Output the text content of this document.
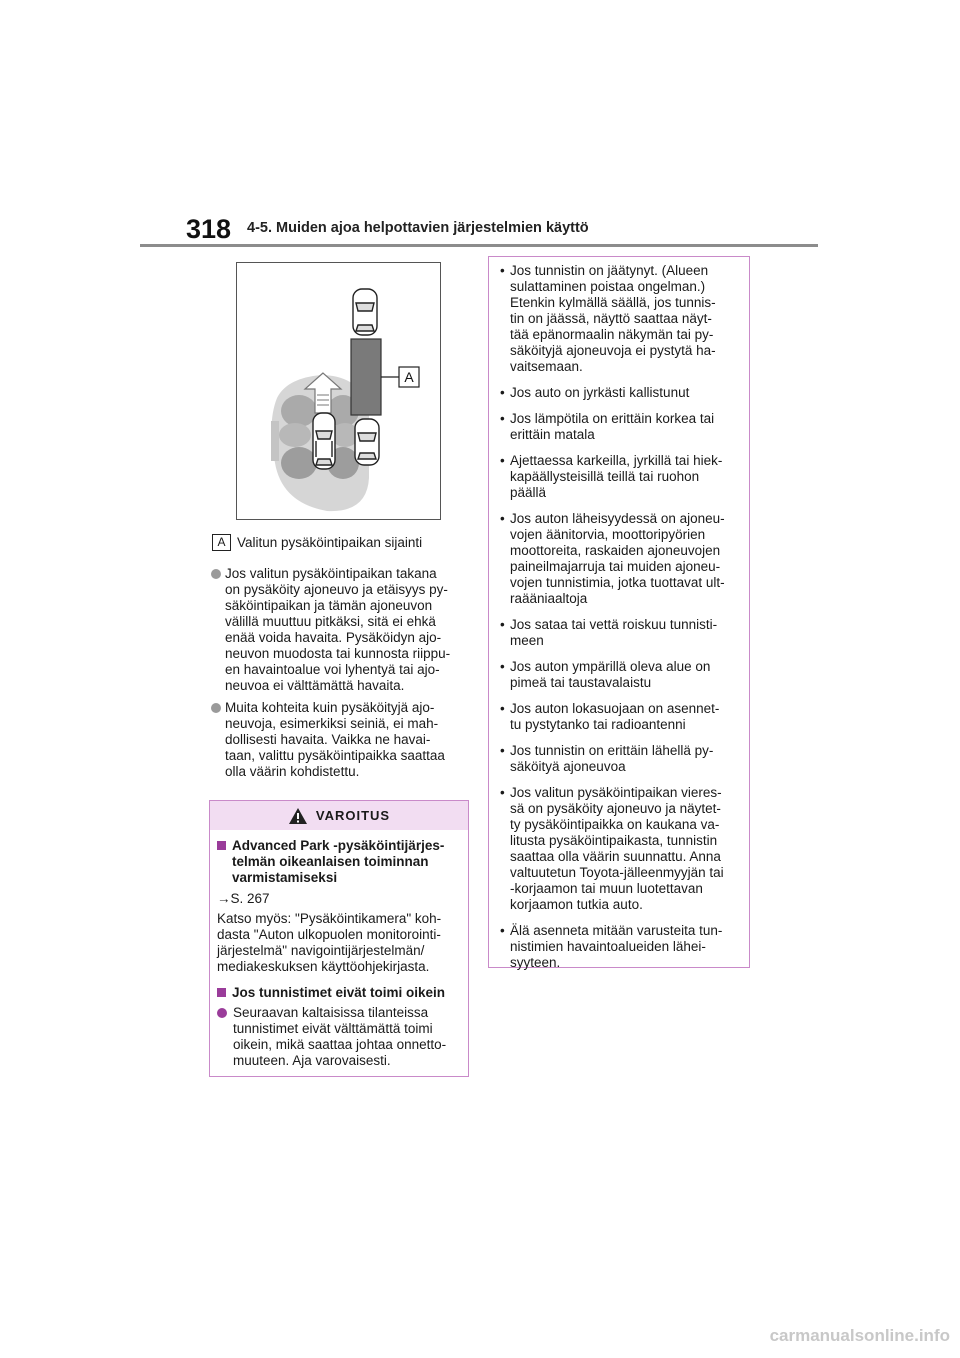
318 4-5. Muiden ajoa helpottavien järjestelmien käyttö
A
A Valitun pysäköintipaikan sijainti
Jos valitun pysäköintipaikan takana
on pysäköity ajoneuvo ja etäisyys py-
säköintipaikan ja tämän ajoneuvon
välillä muuttuu pitkäksi, sitä ei ehkä
enää voida havaita. Pysäköidyn ajo-
neuvon muodosta tai kunnosta riippu-
en havaintoalue voi lyhentyä tai ajo-
neuvoa ei välttämättä havaita.
Muita kohteita kuin pysäköityjä ajo-
neuvoja, esimerkiksi seiniä, ei mah-
dollisesti havaita. Vaikka ne havai-
taan, valittu pysäköintipaikka saattaa
olla väärin kohdistettu.
VAROITUS
Advanced Park -pysäköintijärjes-
telmän oikeanlaisen toiminnan
varmistamiseksi
→S. 267
Katso myös: "Pysäköintikamera" koh-
dasta "Auton ulkopuolen monitorointi-
järjestelmä" navigointijärjestelmän/
mediakeskuksen käyttöohjekirjasta.
Jos tunnistimet eivät toimi oikein
Seuraavan kaltaisissa tilanteissa
tunnistimet eivät välttämättä toimi
oikein, mikä saattaa johtaa onnetto-
muuteen. Aja varovaisesti.
• Jos tunnistin on jäätynyt. (Alueen
sulattaminen poistaa ongelman.)
Etenkin kylmällä säällä, jos tunnis-
tin on jäässä, näyttö saattaa näyt-
tää epänormaalin näkymän tai py-
säköityjä ajoneuvoja ei pystytä ha-
vaitsemaan.
• Jos auto on jyrkästi kallistunut
• Jos lämpötila on erittäin korkea tai
erittäin matala
• Ajettaessa karkeilla, jyrkillä tai hiek-
kapäällysteisillä teillä tai ruohon
päällä
• Jos auton läheisyydessä on ajoneu-
vojen äänitorvia, moottoripyörien
moottoreita, raskaiden ajoneuvojen
paineilmajarruja tai muiden ajoneu-
vojen tunnistimia, jotka tuottavat ult-
raääniaaltoja
• Jos sataa tai vettä roiskuu tunnisti-
meen
• Jos auton ympärillä oleva alue on
pimeä tai taustavalaistu
• Jos auton lokasuojaan on asennet-
tu pystytanko tai radioantenni
• Jos tunnistin on erittäin lähellä py-
säköityä ajoneuvoa
• Jos valitun pysäköintipaikan vieres-
sä on pysäköity ajoneuvo ja näytet-
ty pysäköintipaikka on kaukana va-
litusta pysäköintipaikasta, tunnistin
saattaa olla väärin suunnattu. Anna
valtuutetun Toyota-jälleenmyyjän tai
-korjaamon tai muun luotettavan
korjaamon tutkia auto.
• Älä asenneta mitään varusteita tun-
nistimien havaintoalueiden lähei-
syyteen.
carmanualsonline.info
